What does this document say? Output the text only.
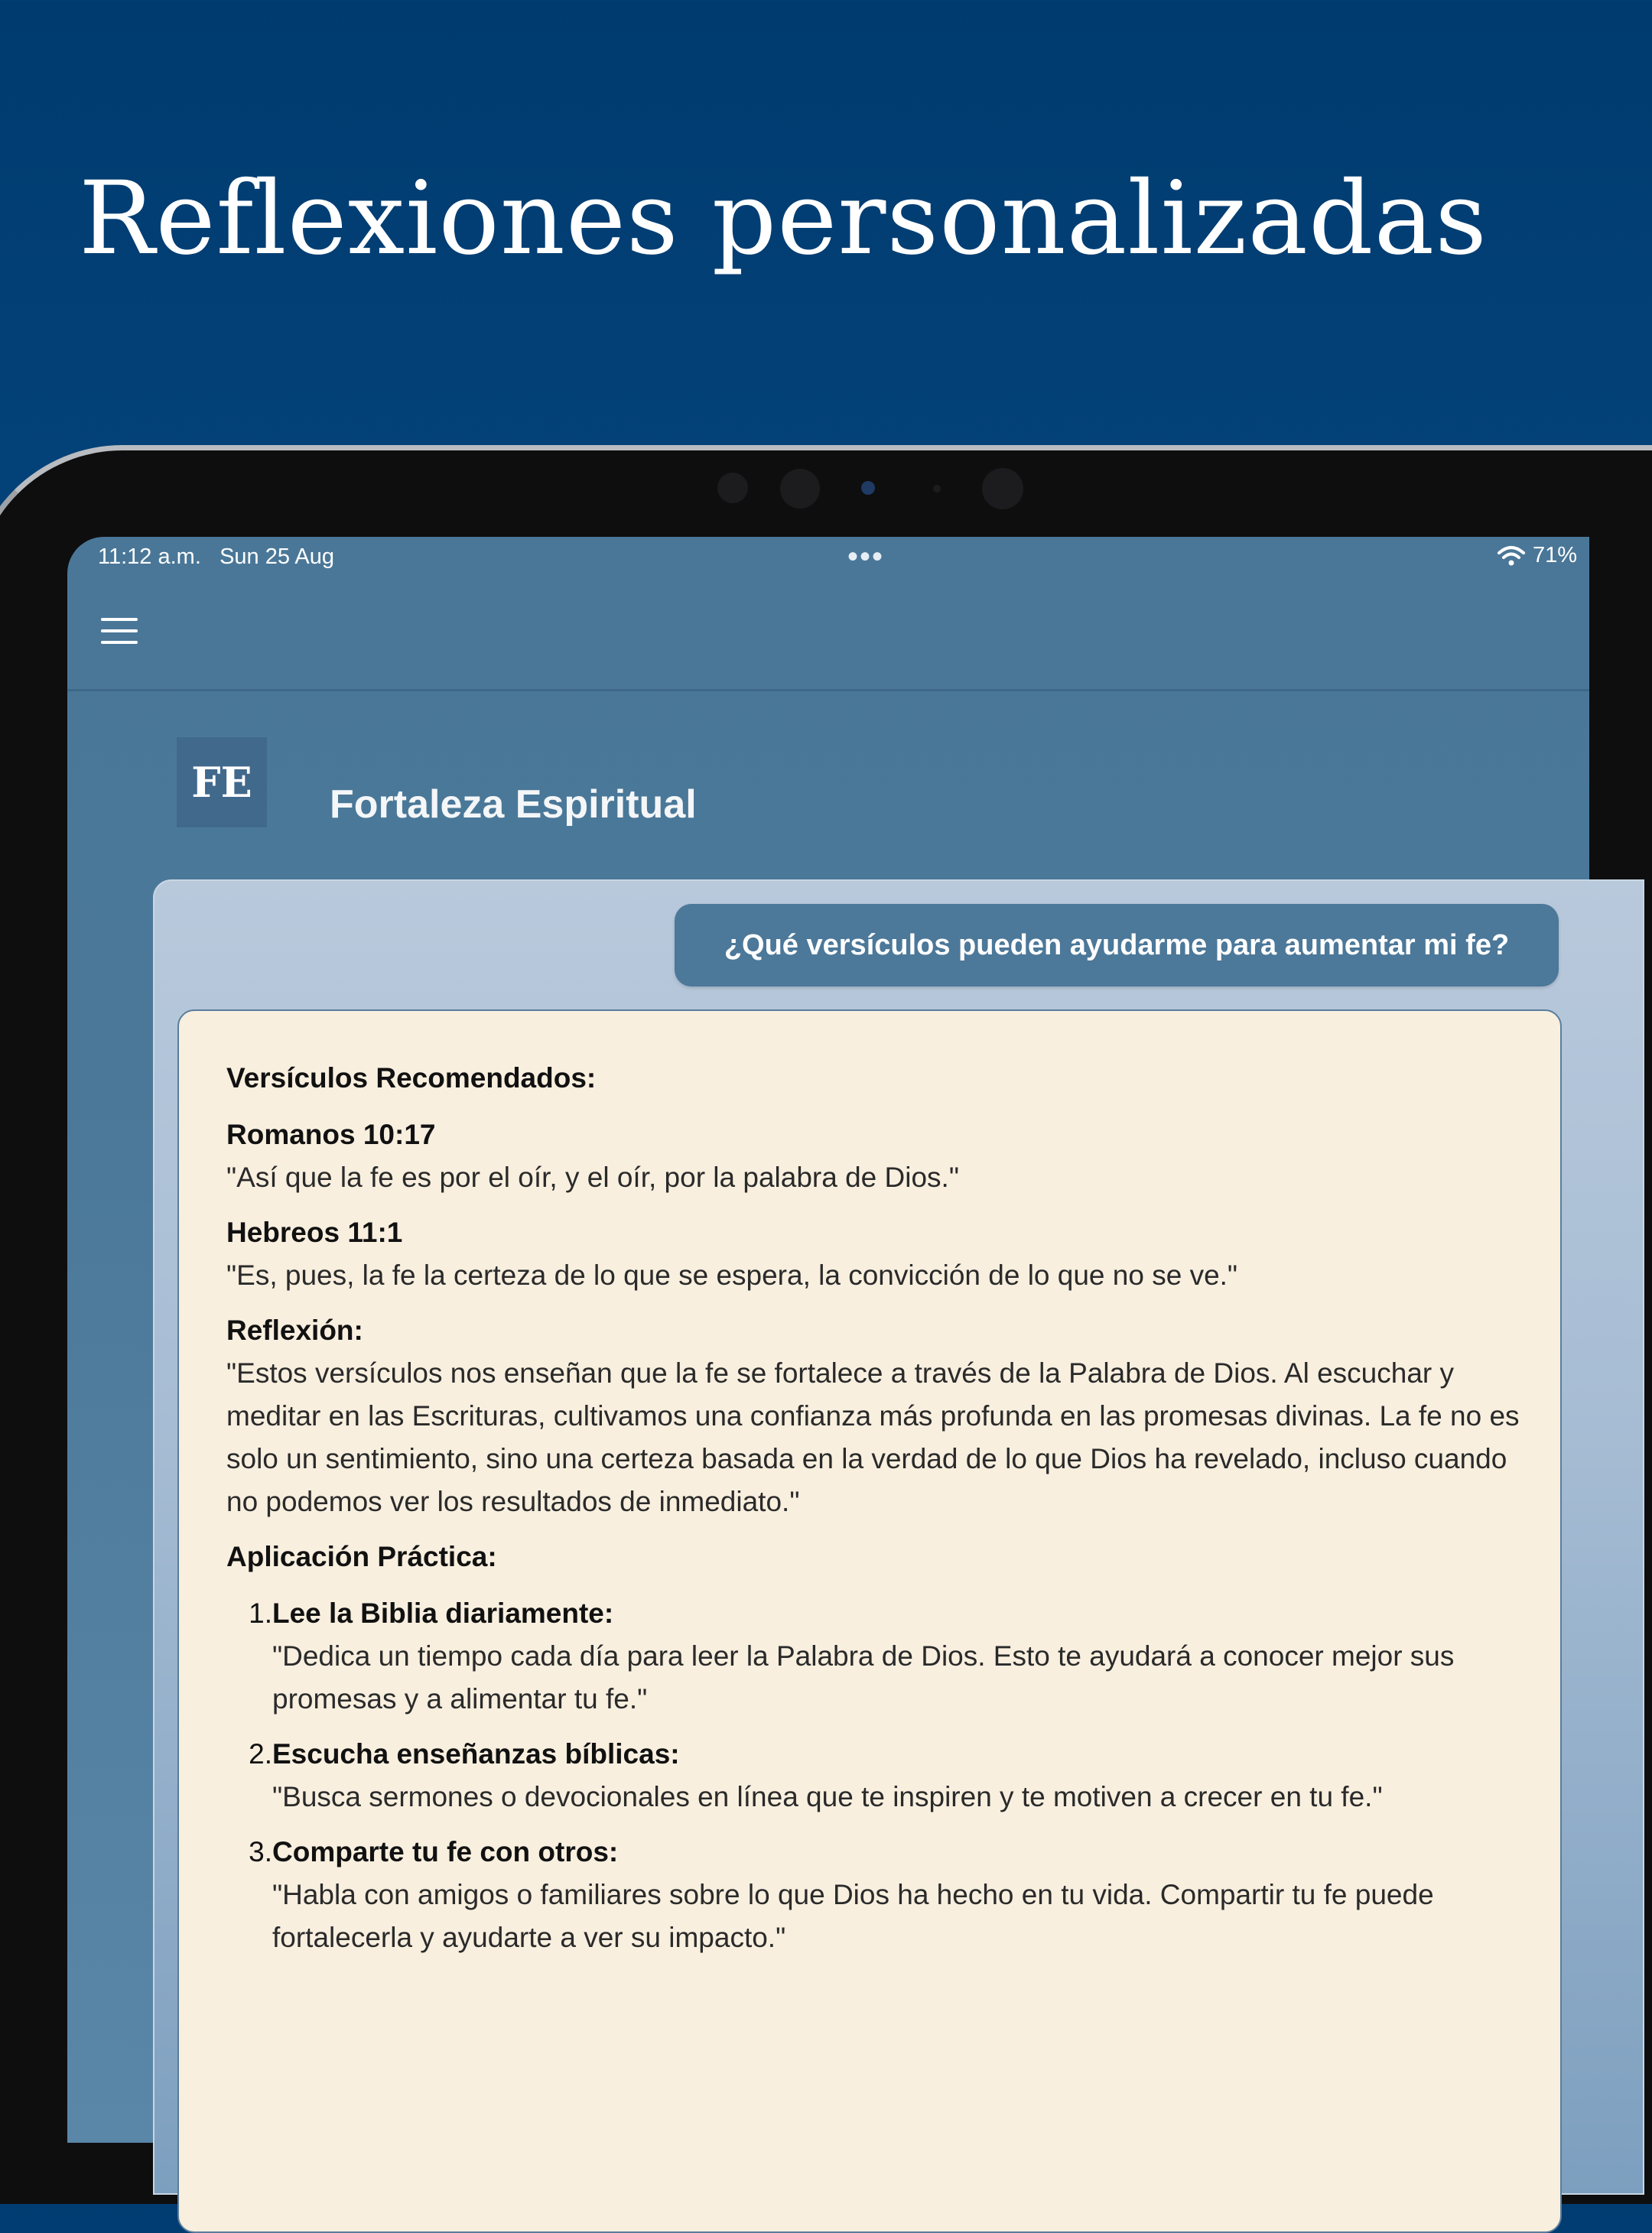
Reflexiones personalizadas
11:12 a.m. Sun 25 Aug	•••	71%
FE	Fortaleza Espiritual
¿Qué versículos pueden ayudarme para aumentar mi fe?
Versículos Recomendados:
Romanos 10:17
"Así que la fe es por el oír, y el oír, por la palabra de Dios."
Hebreos 11:1
"Es, pues, la fe la certeza de lo que se espera, la convicción de lo que no se ve."
Reflexión:
"Estos versículos nos enseñan que la fe se fortalece a través de la Palabra de Dios. Al escuchar y meditar en las Escrituras, cultivamos una confianza más profunda en las promesas divinas. La fe no es solo un sentimiento, sino una certeza basada en la verdad de lo que Dios ha revelado, incluso cuando no podemos ver los resultados de inmediato."
Aplicación Práctica:
1. Lee la Biblia diariamente:
"Dedica un tiempo cada día para leer la Palabra de Dios. Esto te ayudará a conocer mejor sus promesas y a alimentar tu fe."
2. Escucha enseñanzas bíblicas:
"Busca sermones o devocionales en línea que te inspiren y te motiven a crecer en tu fe."
3. Comparte tu fe con otros:
"Habla con amigos o familiares sobre lo que Dios ha hecho en tu vida. Compartir tu fe puede fortalecerla y ayudarte a ver su impacto."
